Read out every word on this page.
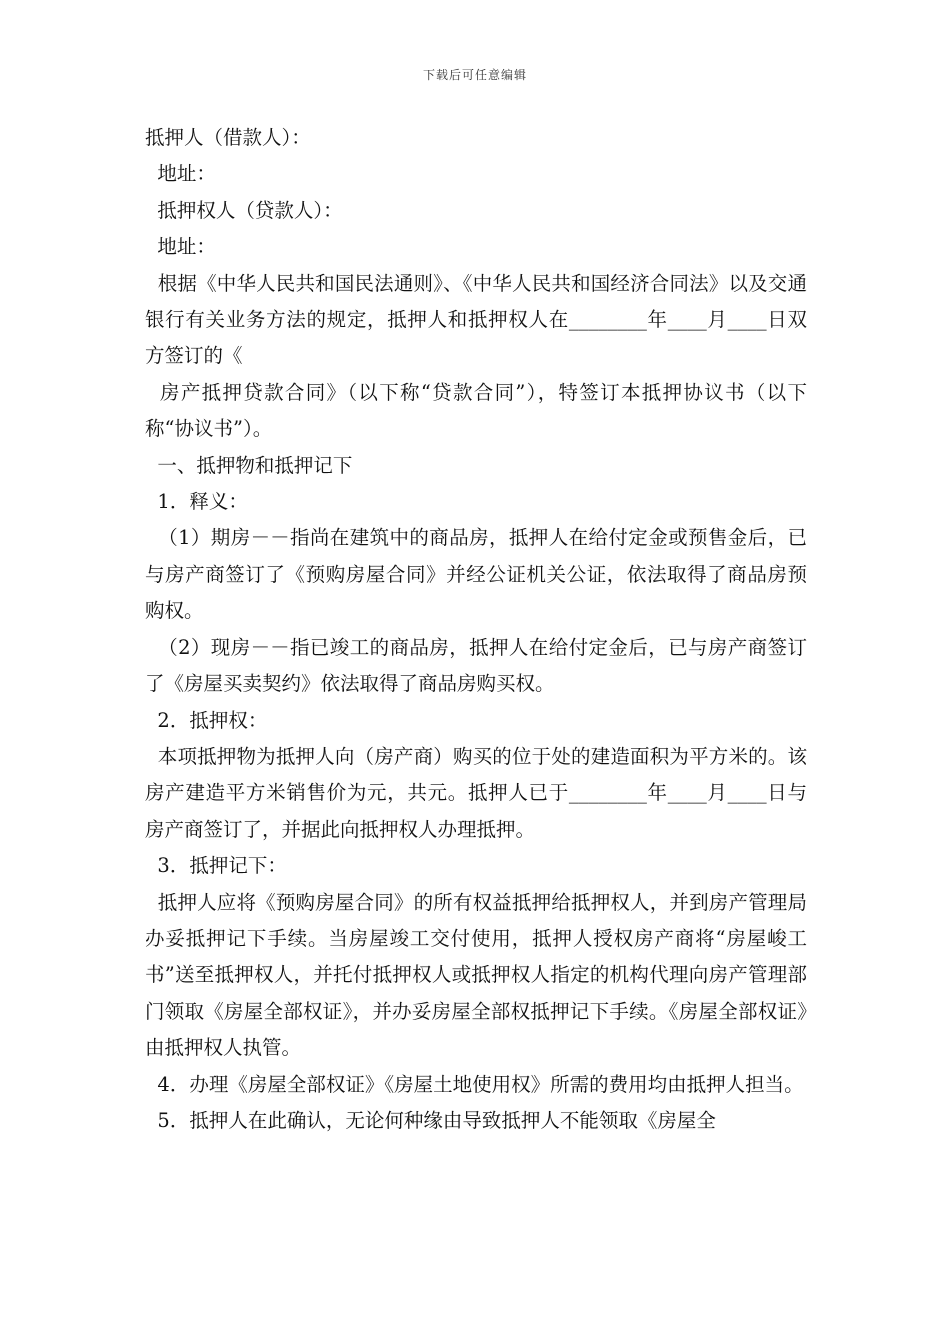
下载后可任意编辑

抵押人（借款人）：

地址：

抵押权人（贷款人）：

地址：

根据《中华人民共和国民法通则》、《中华人民共和国经济合同法》以及交通银行有关业务方法的规定，抵押人和抵押权人在________年____月____日双方签订的《

房产抵押贷款合同》（以下称“贷款合同”），特签订本抵押协议书（以下称“协议书”）。

一、抵押物和抵押记下

1．释义：

（1）期房－－指尚在建筑中的商品房，抵押人在给付定金或预售金后，已与房产商签订了《预购房屋合同》并经公证机关公证，依法取得了商品房预购权。

（2）现房－－指已竣工的商品房，抵押人在给付定金后，已与房产商签订了《房屋买卖契约》依法取得了商品房购买权。

2．抵押权：

本项抵押物为抵押人向（房产商）购买的位于处的建造面积为平方米的。该房产建造平方米销售价为元，共元。抵押人已于________年____月____日与房产商签订了，并据此向抵押权人办理抵押。

3．抵押记下：

抵押人应将《预购房屋合同》的所有权益抵押给抵押权人，并到房产管理局办妥抵押记下手续。当房屋竣工交付使用，抵押人授权房产商将“房屋峻工书”送至抵押权人，并托付抵押权人或抵押权人指定的机构代理向房产管理部门领取《房屋全部权证》，并办妥房屋全部权抵押记下手续。《房屋全部权证》由抵押权人执管。

4．办理《房屋全部权证》《房屋土地使用权》所需的费用均由抵押人担当。

5．抵押人在此确认，无论何种缘由导致抵押人不能领取《房屋全
